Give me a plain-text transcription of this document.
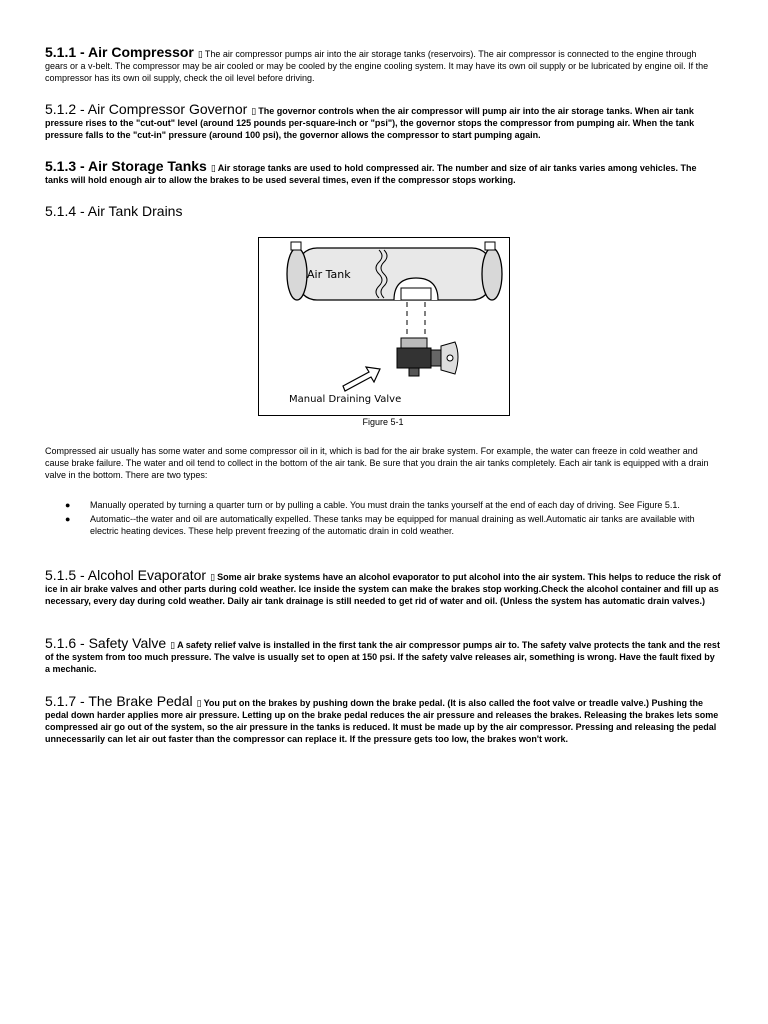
5.1.1 - Air Compressor ▯ The air compressor pumps air into the air storage tanks (reservoirs). The air compressor is connected to the engine through gears or a v-belt. The compressor may be air cooled or may be cooled by the engine cooling system. It may have its own oil supply or be lubricated by engine oil. If the compressor has its own oil supply, check the oil level before driving.

5.1.2 - Air Compressor Governor ▯ The governor controls when the air compressor will pump air into the air storage tanks. When air tank pressure rises to the "cut-out" level (around 125 pounds per-square-inch or "psi"), the governor stops the compressor from pumping air. When the tank pressure falls to the "cut-in" pressure (around 100 psi), the governor allows the compressor to start pumping again.

5.1.3 - Air Storage Tanks ▯ Air storage tanks are used to hold compressed air. The number and size of air tanks varies among vehicles. The tanks will hold enough air to allow the brakes to be used several times, even if the compressor stops working.

5.1.4 - Air Tank Drains

Air Tank
Manual Draining Valve
Figure 5-1

Compressed air usually has some water and some compressor oil in it, which is bad for the air brake system. For example, the water can freeze in cold weather and cause brake failure. The water and oil tend to collect in the bottom of the air tank. Be sure that you drain the air tanks completely. Each air tank is equipped with a drain valve in the bottom. There are two types:

● Manually operated by turning a quarter turn or by pulling a cable. You must drain the tanks yourself at the end of each day of driving. See Figure 5.1.
● Automatic--the water and oil are automatically expelled. These tanks may be equipped for manual draining as well.Automatic air tanks are available with electric heating devices. These help prevent freezing of the automatic drain in cold weather.

5.1.5 - Alcohol Evaporator ▯ Some air brake systems have an alcohol evaporator to put alcohol into the air system. This helps to reduce the risk of ice in air brake valves and other parts during cold weather. Ice inside the system can make the brakes stop working.Check the alcohol container and fill up as necessary, every day during cold weather. Daily air tank drainage is still needed to get rid of water and oil. (Unless the system has automatic drain valves.)

5.1.6 - Safety Valve ▯ A safety relief valve is installed in the first tank the air compressor pumps air to. The safety valve protects the tank and the rest of the system from too much pressure. The valve is usually set to open at 150 psi. If the safety valve releases air, something is wrong. Have the fault fixed by a mechanic.

5.1.7 - The Brake Pedal ▯ You put on the brakes by pushing down the brake pedal. (It is also called the foot valve or treadle valve.) Pushing the pedal down harder applies more air pressure. Letting up on the brake pedal reduces the air pressure and releases the brakes. Releasing the brakes lets some compressed air go out of the system, so the air pressure in the tanks is reduced. It must be made up by the air compressor. Pressing and releasing the pedal unnecessarily can let air out faster than the compressor can replace it. If the pressure gets too low, the brakes won't work.
